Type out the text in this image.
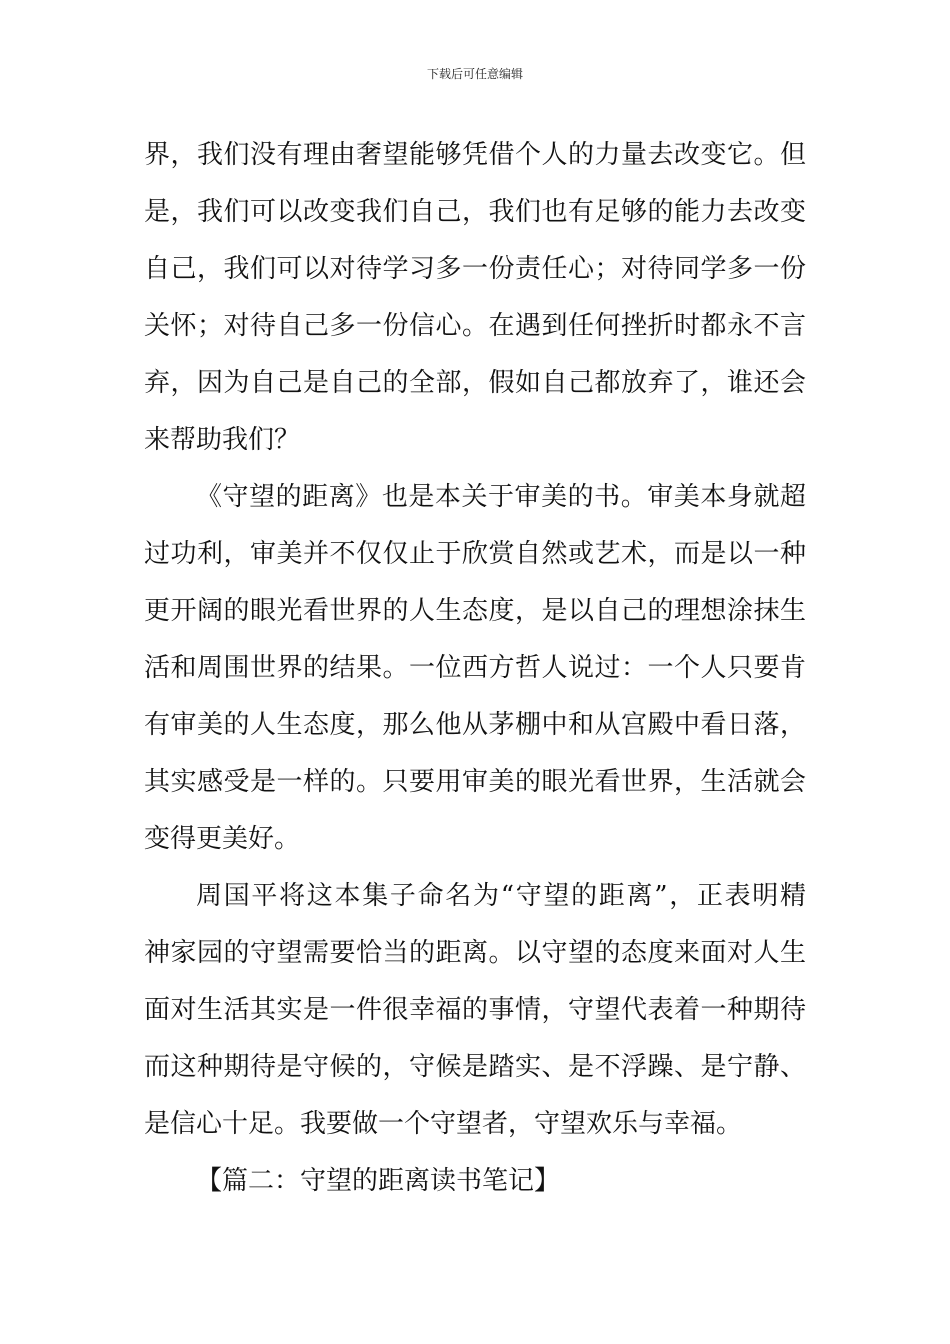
下载后可任意编辑
界，我们没有理由奢望能够凭借个人的力量去改变它。但
是，我们可以改变我们自己，我们也有足够的能力去改变
自己，我们可以对待学习多一份责任心；对待同学多一份
关怀；对待自己多一份信心。在遇到任何挫折时都永不言
弃，因为自己是自己的全部，假如自己都放弃了，谁还会
来帮助我们？
《守望的距离》也是本关于审美的书。审美本身就超
过功利，审美并不仅仅止于欣赏自然或艺术，而是以一种
更开阔的眼光看世界的人生态度，是以自己的理想涂抹生
活和周围世界的结果。一位西方哲人说过：一个人只要肯
有审美的人生态度，那么他从茅棚中和从宫殿中看日落，
其实感受是一样的。只要用审美的眼光看世界，生活就会
变得更美好。
周国平将这本集子命名为“守望的距离”，正表明精
神家园的守望需要恰当的距离。以守望的态度来面对人生
面对生活其实是一件很幸福的事情，守望代表着一种期待
而这种期待是守候的，守候是踏实、是不浮躁、是宁静、
是信心十足。我要做一个守望者，守望欢乐与幸福。
【篇二：守望的距离读书笔记】
